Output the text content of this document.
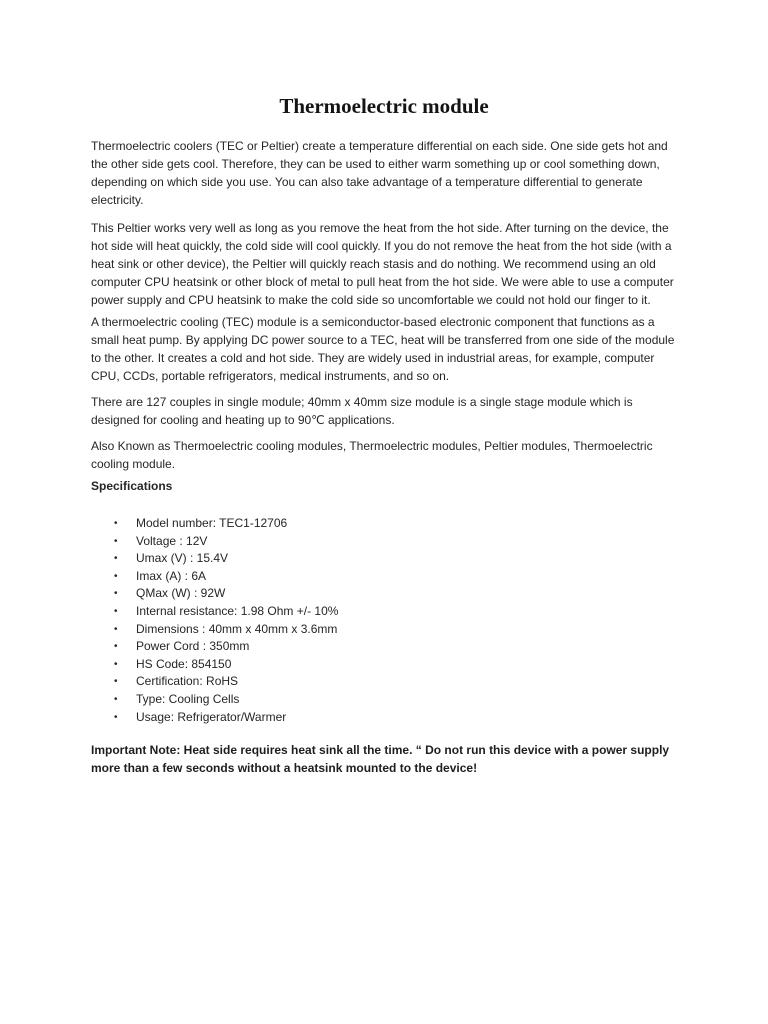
Thermoelectric module

Thermoelectric coolers (TEC or Peltier) create a temperature differential on each side. One side gets hot and the other side gets cool. Therefore, they can be used to either warm something up or cool something down, depending on which side you use. You can also take advantage of a temperature differential to generate electricity.

This Peltier works very well as long as you remove the heat from the hot side. After turning on the device, the hot side will heat quickly, the cold side will cool quickly. If you do not remove the heat from the hot side (with a heat sink or other device), the Peltier will quickly reach stasis and do nothing. We recommend using an old computer CPU heatsink or other block of metal to pull heat from the hot side. We were able to use a computer power supply and CPU heatsink to make the cold side so uncomfortable we could not hold our finger to it.

A thermoelectric cooling (TEC) module is a semiconductor-based electronic component that functions as a small heat pump. By applying DC power source to a TEC, heat will be transferred from one side of the module to the other. It creates a cold and hot side. They are widely used in industrial areas, for example, computer CPU, CCDs, portable refrigerators, medical instruments, and so on.

There are 127 couples in single module; 40mm x 40mm size module is a single stage module which is designed for cooling and heating up to 90℃ applications.

Also Known as Thermoelectric cooling modules, Thermoelectric modules, Peltier modules, Thermoelectric cooling module.

Specifications

• Model number: TEC1-12706
• Voltage : 12V
• Umax (V) : 15.4V
• Imax (A) : 6A
• QMax (W) : 92W
• Internal resistance: 1.98 Ohm +/- 10%
• Dimensions : 40mm x 40mm x 3.6mm
• Power Cord : 350mm
• HS Code: 854150
• Certification: RoHS
• Type: Cooling Cells
• Usage: Refrigerator/Warmer

Important Note: Heat side requires heat sink all the time. “ Do not run this device with a power supply more than a few seconds without a heatsink mounted to the device!
